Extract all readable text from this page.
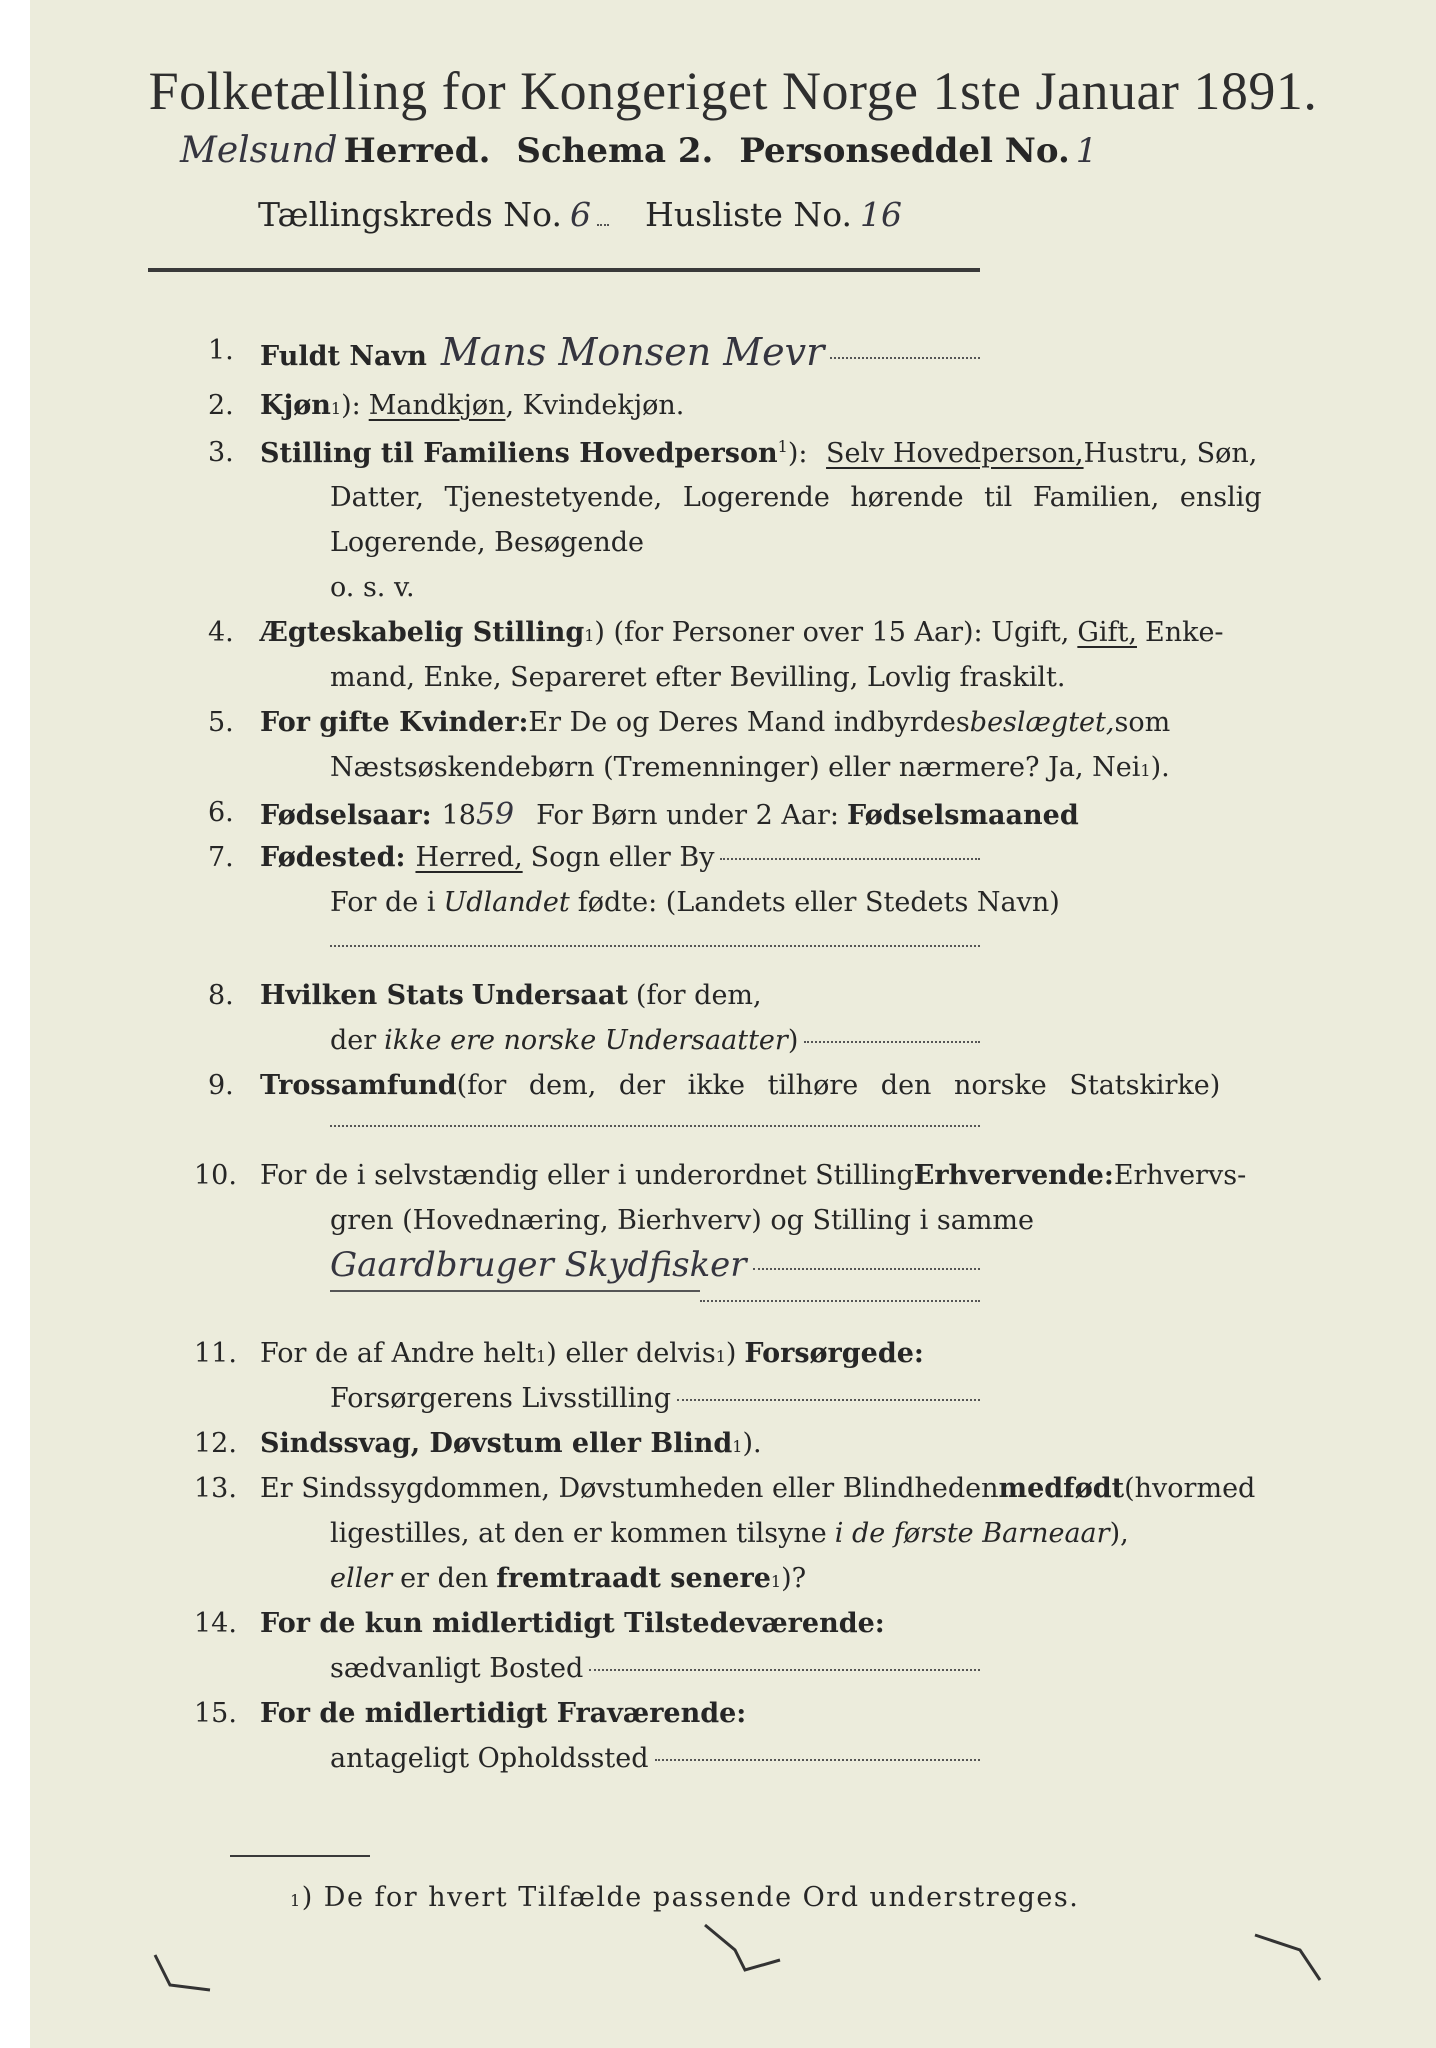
Folketælling for Kongeriget Norge 1ste Januar 1891.
Melsund Herred. Schema 2. Personseddel No. 1
Tællingskreds No. 6 Husliste No. 16
1. Fuldt Navn Mans Monsen Mevr
2. Kjøn 1 ): Mandkjøn , Kvindekjøn.
3. Stilling til Familiens Hovedperson$^1$): Selv Hovedperson, Hustru, Søn,
Datter, Tjenestetyende, Logerende hørende til Familien, enslig
Logerende, Besøgende
o. s. v.
4. Ægteskabelig Stilling 1 ) (for Personer over 15 Aar): Ugift, Gift, Enke-
mand, Enke, Separeret efter Bevilling, Lovlig fraskilt.
5. For gifte Kvinder: Er De og Deres Mand indbyrdes beslægtet, som
Næstsøskendebørn (Tremenninger) eller nærmere? Ja, Nei 1 ).
6. Fødselsaar: 18 59 For Børn under 2 Aar: Fødselsmaaned
7. Fødested: Herred, Sogn eller By
For de i Udlandet fødte: (Landets eller Stedets Navn)
8. Hvilken Stats Undersaat (for dem,
der ikke ere norske Undersaatter )
9. Trossamfund (for dem, der ikke tilhøre den norske Statskirke)
10. For de i selvstændig eller i underordnet Stilling Erhvervende: Erhvervs-
gren (Hovednæring, Bierhverv) og Stilling i samme
Gaardbruger Skydfisker
11. For de af Andre helt 1 ) eller delvis 1 ) Forsørgede:
Forsørgerens Livsstilling
12. Sindssvag, Døvstum eller Blind 1 ).
13. Er Sindssygdommen, Døvstumheden eller Blindheden medfødt (hvormed
ligestilles, at den er kommen tilsyne i de første Barneaar ),
eller er den fremtraadt senere 1 )?
14. For de kun midlertidigt Tilstedeværende:
sædvanligt Bosted
15. For de midlertidigt Fraværende:
antageligt Opholdssted
1 ) De for hvert Tilfælde passende Ord understreges.
